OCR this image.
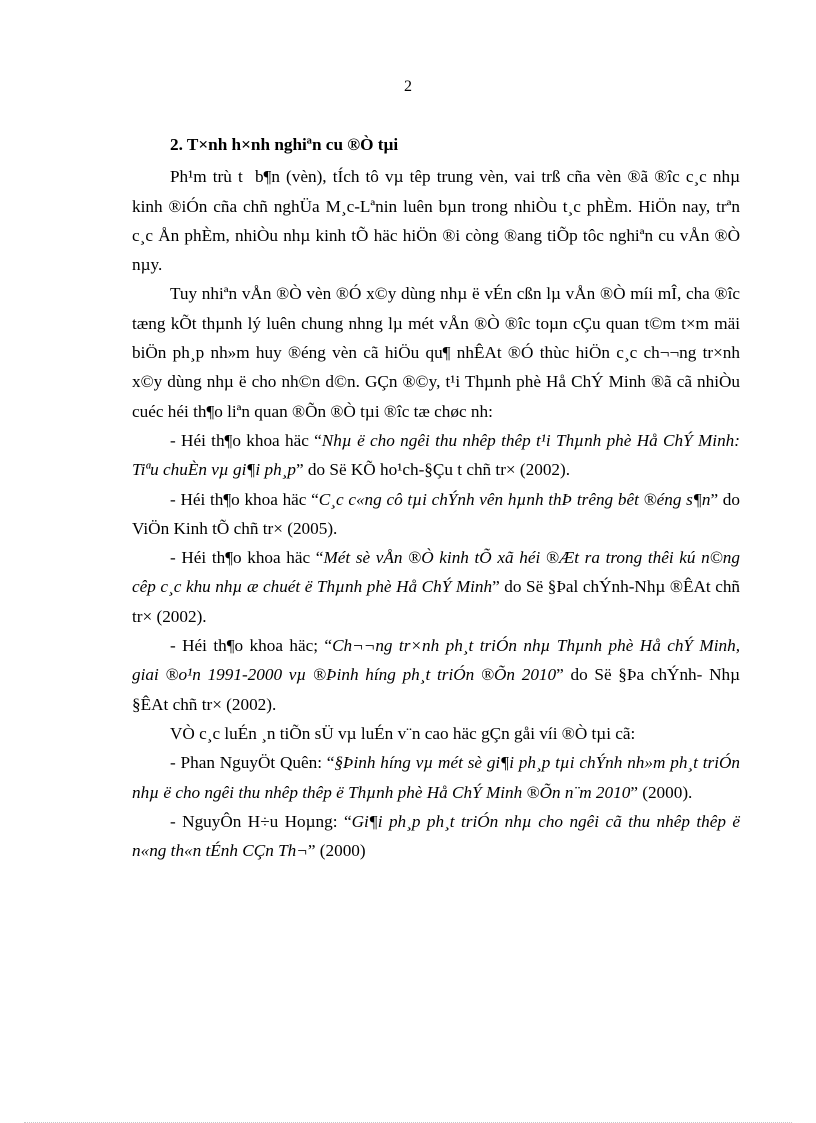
2
2. T×nh h×nh nghiªn cu ®Ò tµi

Ph¹m trù t  b¶n (vèn), tÍch tô vµ têp trung vèn, vai trß cña vèn ®ã ®îc c¸c nhµ kinh ®iÓn cña chñ nghÜa M¸c-Lªnin luên bµn trong nhiÒu t¸c phÈm. HiÖn nay, trªn c¸c Ån phÈm, nhiÒu nhµ kinh tÕ häc hiÖn ®i còng ®ang tiÕp tôc nghiªn cu vÅn ®Ò nµy.

Tuy nhiªn vÅn ®Ò vèn ®Ó x©y dùng nhµ ë vÉn cßn lµ vÅn ®Ò míi mÎ, cha ®îc tæng kÕt thµnh lý luên chung nhng lµ mét vÅn ®Ò ®îc toµn cÇu quan t©m t×m mäi biÖn ph¸p nh»m huy ®éng vèn cã hiÖu qu¶ nhÊAt ®Ó thùc hiÖn c¸c ch¬¬ng tr×nh x©y dùng nhµ ë cho nh©n d©n. GÇn ®©y, t¹i Thµnh phè Hå ChÝ Minh ®ã cã nhiÒu cuéc héi th¶o liªn quan ®Õn ®Ò tµi ®îc tæ chøc nh:

- Héi th¶o khoa häc “Nhµ ë cho ngêi thu nhêp thêp t¹i Thµnh phè Hå ChÝ Minh: Tiªu chuÈn vµ gi¶i ph¸p” do Së KÕ ho¹ch-§Çu t chñ tr× (2002).

- Héi th¶o khoa häc “C¸c c«ng cô tµi chÝnh vên hµnh thÞ trêng bêt ®éng s¶n” do ViÖn Kinh tÕ chñ tr× (2005).

- Héi th¶o khoa häc “Mét sè vÅn ®Ò kinh tÕ xã héi ®Æt ra trong thêi kú n©ng cêp c¸c khu nhµ æ chuét ë Thµnh phè Hå ChÝ Minh” do Së §Þal chÝnh-Nhµ ®ÊAt chñ tr× (2002).

- Héi th¶o khoa häc; “Ch¬¬ng tr×nh ph¸t triÓn nhµ Thµnh phè Hå chÝ Minh, giai ®o¹n 1991-2000 vµ ®Þinh híng ph¸t triÓn ®Õn 2010” do Së §Þa chÝnh- Nhµ §ÊAt chñ tr× (2002).

VÒ c¸c luÉn ¸n tiÕn sÜ vµ luÉn v¨n cao häc gÇn gåi víi ®Ò tµi cã:

- Phan NguyÖt Quên: “§Þinh híng vµ mét sè gi¶i ph¸p tµi chÝnh nh»m ph¸t triÓn nhµ ë cho ngêi thu nhêp thêp ë Thµnh phè Hå ChÝ Minh ®Õn n¨m 2010” (2000).

- NguyÔn H÷u Hoµng: “Gi¶i ph¸p ph¸t triÓn nhµ cho ngêi cã thu nhêp thêp ë n«ng th«n tÉnh CÇn Th¬” (2000)
